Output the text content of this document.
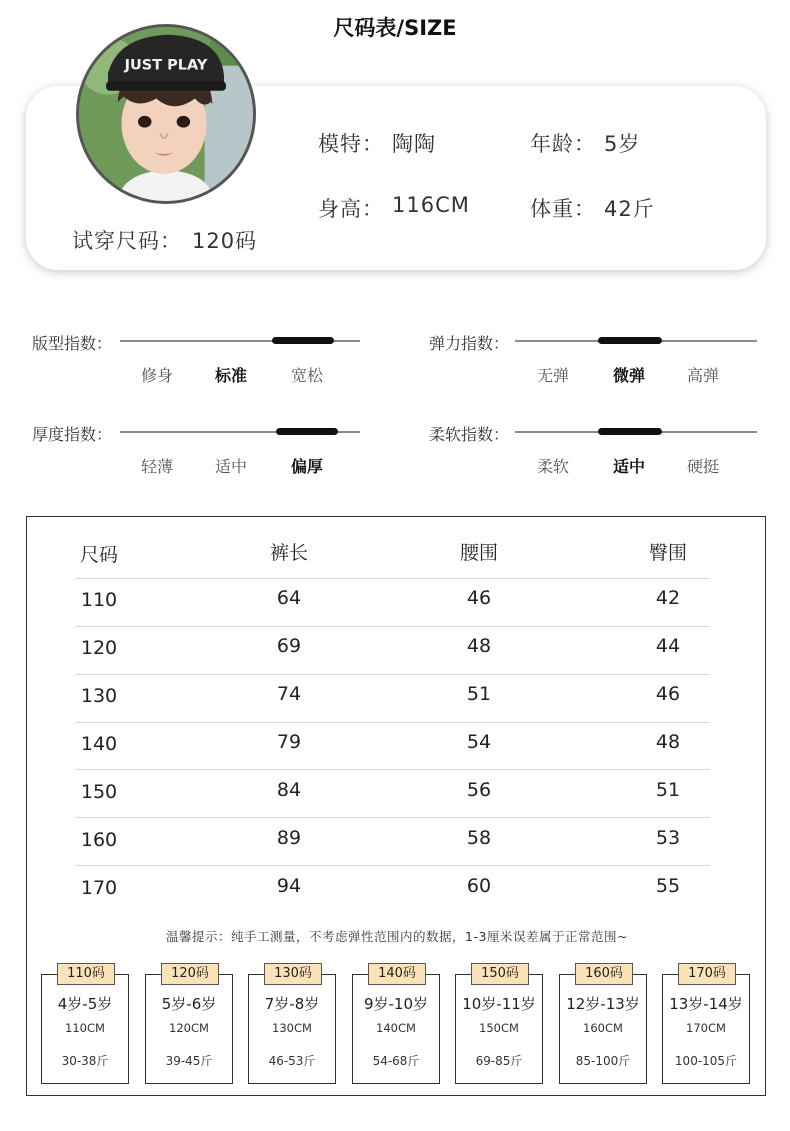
尺码表/SIZE
模特： 陶陶	年龄： 5岁
身高： 116CM	体重： 42斤
试穿尺码： 120码
JUST PLAY
版型指数：
修身	标准	宽松
弹力指数：
无弹	微弹	高弹
厚度指数：
轻薄	适中	偏厚
柔软指数：
柔软	适中	硬挺
尺码	裤长	腰围	臀围
110	64	46	42
120	69	48	44
130	74	51	46
140	79	54	48
150	84	56	51
160	89	58	53
170	94	60	55
温馨提示：纯手工测量，不考虑弹性范围内的数据，1-3厘米误差属于正常范围~
110码
4岁-5岁
110CM
30-38斤
120码
5岁-6岁
120CM
39-45斤
130码
7岁-8岁
130CM
46-53斤
140码
9岁-10岁
140CM
54-68斤
150码
10岁-11岁
150CM
69-85斤
160码
12岁-13岁
160CM
85-100斤
170码
13岁-14岁
170CM
100-105斤
